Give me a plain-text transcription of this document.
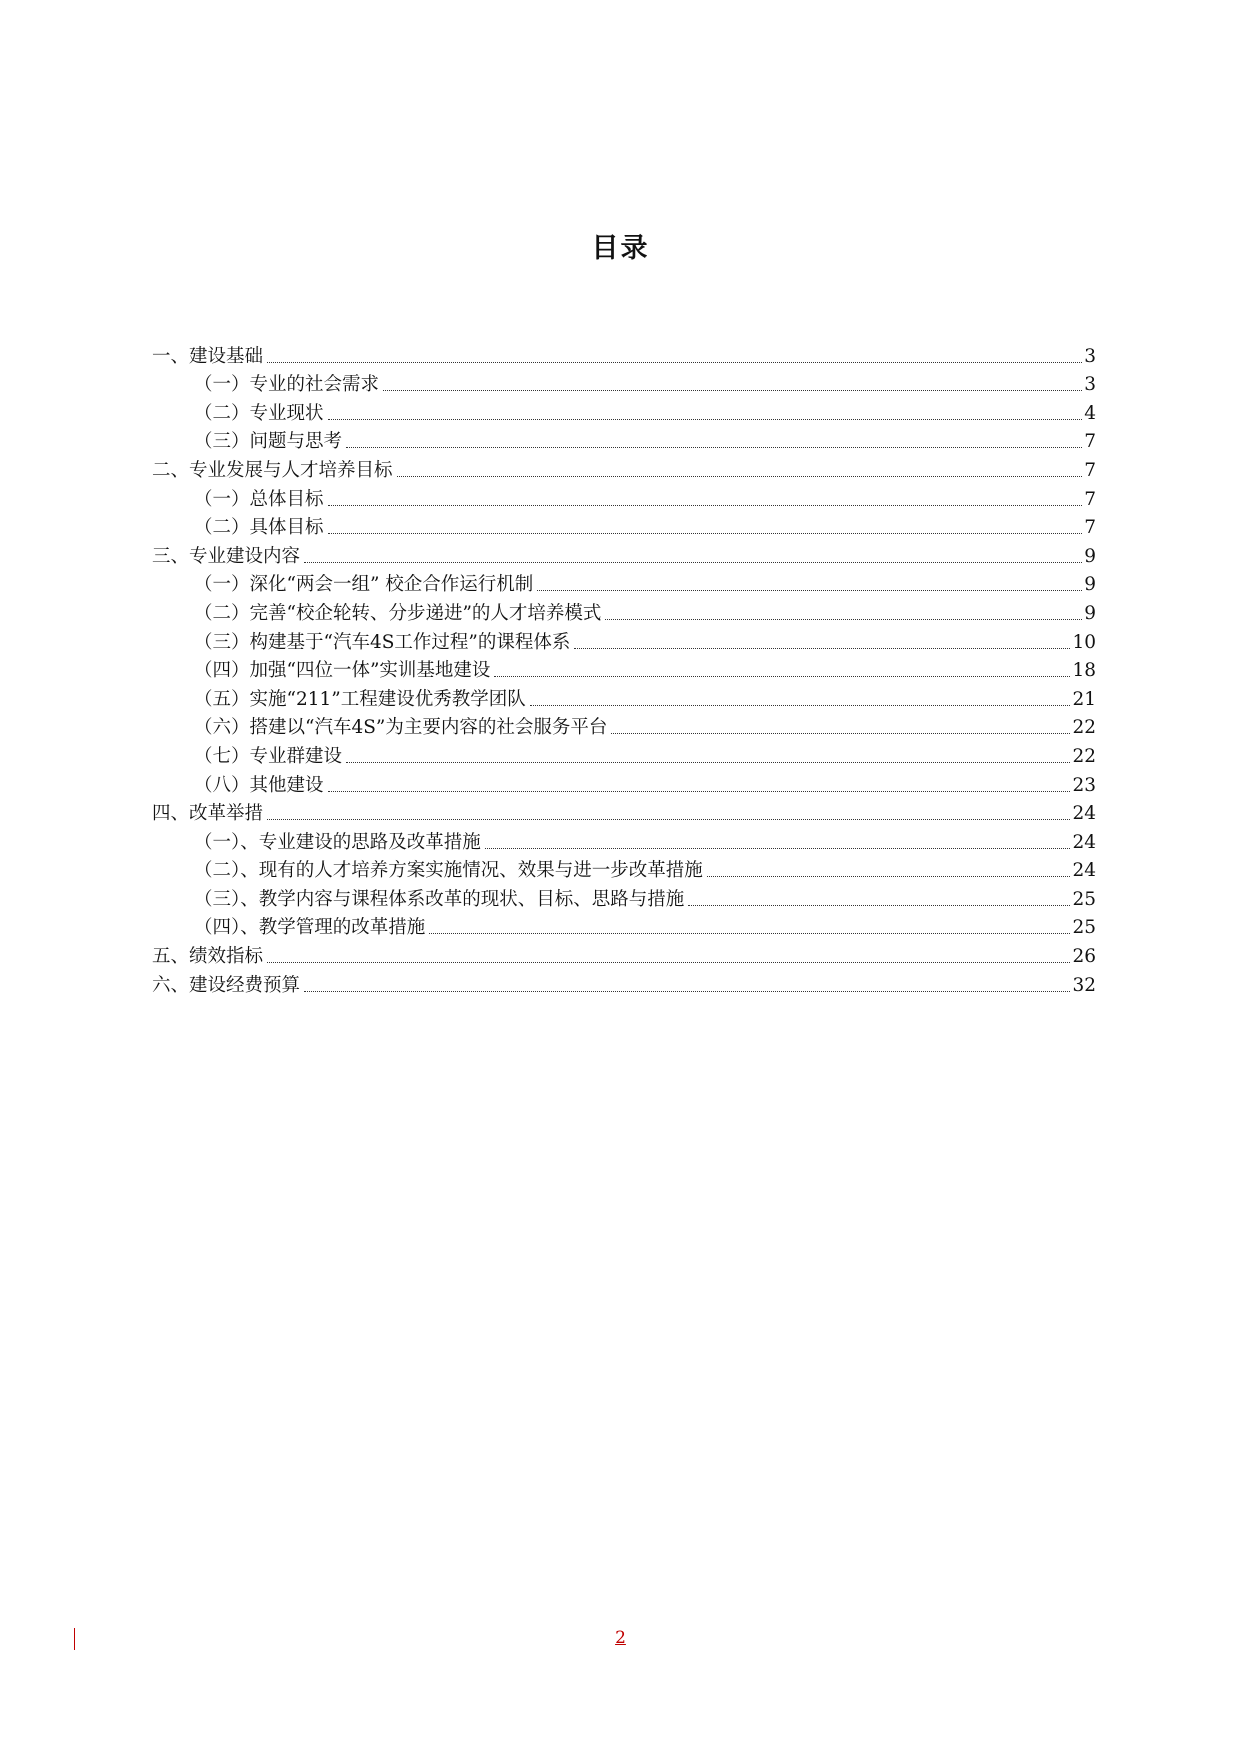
目录
一、建设基础	3
（一）专业的社会需求	3
（二）专业现状	4
（三）问题与思考	7
二、专业发展与人才培养目标	7
（一）总体目标	7
（二）具体目标	7
三、专业建设内容	9
（一）深化“两会一组” 校企合作运行机制	9
（二）完善“校企轮转、分步递进”的人才培养模式	9
（三）构建基于“汽车4S工作过程”的课程体系	10
（四）加强“四位一体”实训基地建设	18
（五）实施“211”工程建设优秀教学团队	21
（六）搭建以“汽车4S”为主要内容的社会服务平台	22
（七）专业群建设	22
（八）其他建设	23
四、改革举措	24
（一）、专业建设的思路及改革措施	24
（二）、现有的人才培养方案实施情况、效果与进一步改革措施	24
（三）、教学内容与课程体系改革的现状、目标、思路与措施	25
（四）、教学管理的改革措施	25
五、绩效指标	26
六、建设经费预算	32
2
